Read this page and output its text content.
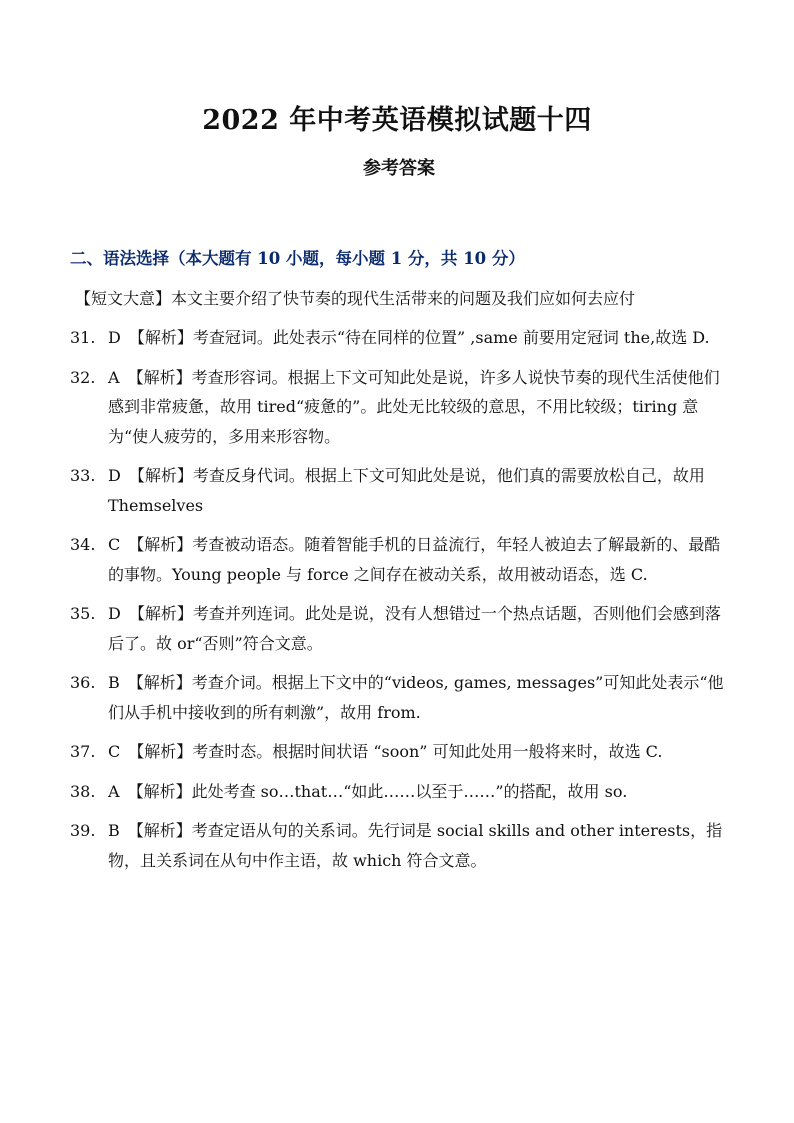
2022 年中考英语模拟试题十四
参考答案

二、语法选择（本大题有 10 小题，每小题 1 分，共 10 分）

【短文大意】本文主要介绍了快节奏的现代生活带来的问题及我们应如何去应付

31. D 【解析】考查冠词。此处表示“待在同样的位置” ,same 前要用定冠词 the,故选 D.
32. A 【解析】考查形容词。根据上下文可知此处是说，许多人说快节奏的现代生活使他们感到非常疲惫，故用 tired“疲惫的”。此处无比较级的意思，不用比较级；tiring 意为“使人疲劳的，多用来形容物。
33. D 【解析】考查反身代词。根据上下文可知此处是说，他们真的需要放松自己，故用 Themselves
34. C 【解析】考查被动语态。随着智能手机的日益流行，年轻人被迫去了解最新的、最酷 的事物。Young people 与 force 之间存在被动关系，故用被动语态，选 C.
35. D 【解析】考查并列连词。此处是说，没有人想错过一个热点话题，否则他们会感到落后了。故 or“否则”符合文意。
36. B 【解析】考查介词。根据上下文中的“videos, games, messages”可知此处表示“他们从手机中接收到的所有刺激”，故用 from.
37. C 【解析】考查时态。根据时间状语 “soon” 可知此处用一般将来时，故选 C.
38. A 【解析】此处考查 so…that…“如此……以至于……”的搭配，故用 so.
39. B 【解析】考查定语从句的关系词。先行词是 social skills and other interests，指物，且关系词在从句中作主语，故 which 符合文意。
